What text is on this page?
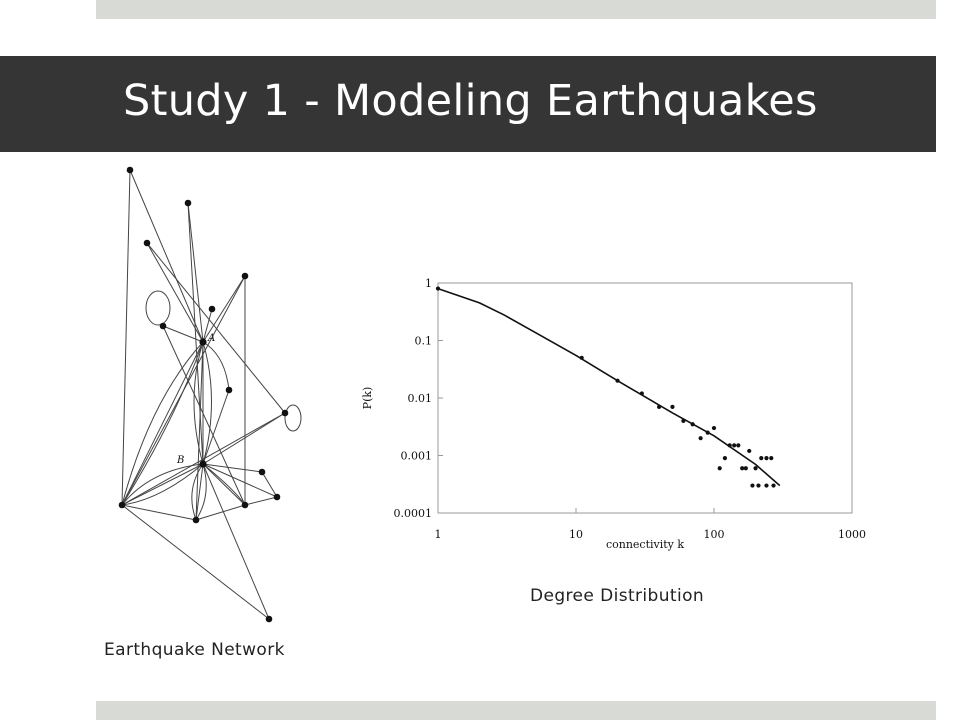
Study 1 - Modeling Earthquakes
A
B
1
0.1
0.01
0.001
0.0001
1	10	100	1000
P(k)
connectivity k
Degree Distribution
Earthquake Network
